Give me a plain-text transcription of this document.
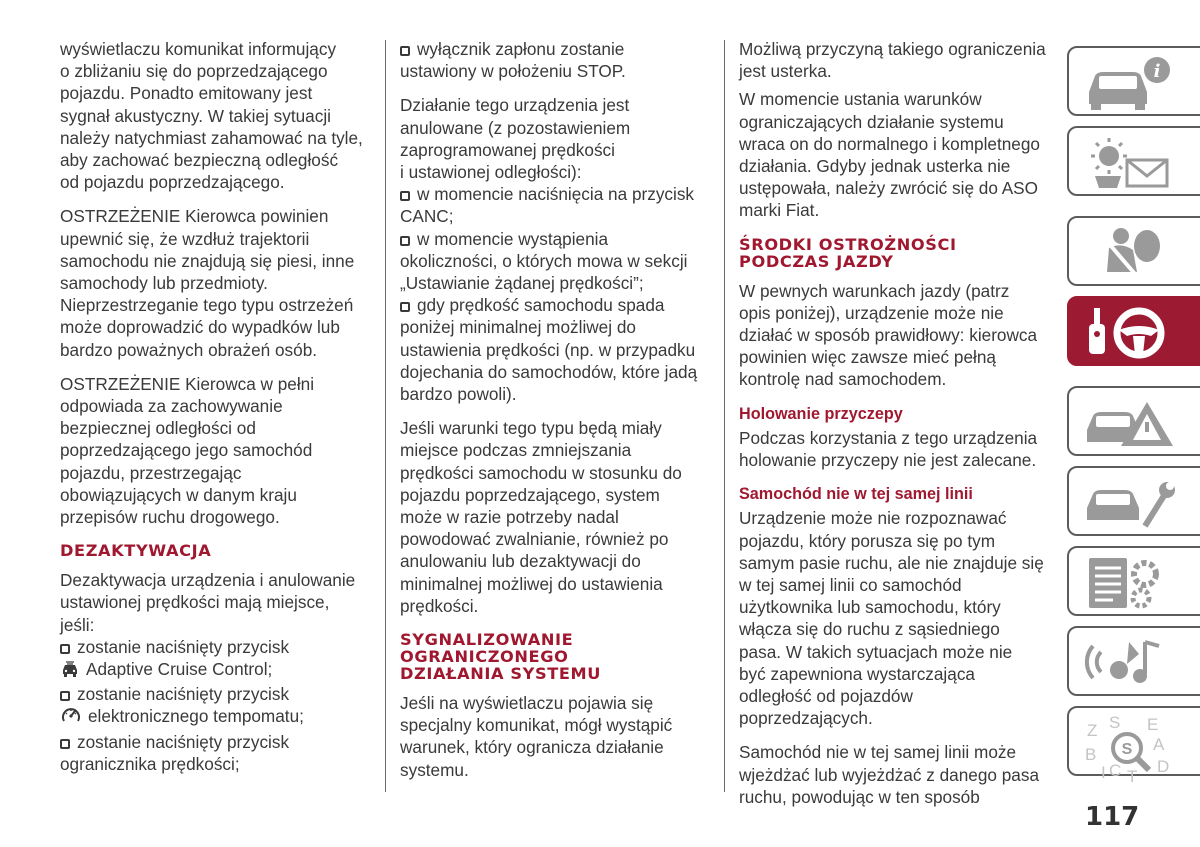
wyświetlaczu komunikat informujący
o zbliżaniu się do poprzedzającego
pojazdu. Ponadto emitowany jest
sygnał akustyczny. W takiej sytuacji
należy natychmiast zahamować na tyle,
aby zachować bezpieczną odległość
od pojazdu poprzedzającego.

OSTRZEŻENIE Kierowca powinien
upewnić się, że wzdłuż trajektorii
samochodu nie znajdują się piesi, inne
samochody lub przedmioty.
Nieprzestrzeganie tego typu ostrzeżeń
może doprowadzić do wypadków lub
bardzo poważnych obrażeń osób.

OSTRZEŻENIE Kierowca w pełni
odpowiada za zachowywanie
bezpiecznej odległości od
poprzedzającego jego samochód
pojazdu, przestrzegając
obowiązujących w danym kraju
przepisów ruchu drogowego.

DEZAKTYWACJA

Dezaktywacja urządzenia i anulowanie
ustawionej prędkości mają miejsce,
jeśli:
zostanie naciśnięty przycisk
Adaptive Cruise Control;
zostanie naciśnięty przycisk
elektronicznego tempomatu;
zostanie naciśnięty przycisk
ogranicznika prędkości;

wyłącznik zapłonu zostanie
ustawiony w położeniu STOP.

Działanie tego urządzenia jest
anulowane (z pozostawieniem
zaprogramowanej prędkości
i ustawionej odległości):
w momencie naciśnięcia na przycisk
CANC;
w momencie wystąpienia
okoliczności, o których mowa w sekcji
„Ustawianie żądanej prędkości”;
gdy prędkość samochodu spada
poniżej minimalnej możliwej do
ustawienia prędkości (np. w przypadku
dojechania do samochodów, które jadą
bardzo powoli).

Jeśli warunki tego typu będą miały
miejsce podczas zmniejszania
prędkości samochodu w stosunku do
pojazdu poprzedzającego, system
może w razie potrzeby nadal
powodować zwalnianie, również po
anulowaniu lub dezaktywacji do
minimalnej możliwej do ustawienia
prędkości.

SYGNALIZOWANIE
OGRANICZONEGO
DZIAŁANIA SYSTEMU

Jeśli na wyświetlaczu pojawia się
specjalny komunikat, mógł wystąpić
warunek, który ogranicza działanie
systemu.

Możliwą przyczyną takiego ograniczenia
jest usterka.

W momencie ustania warunków
ograniczających działanie systemu
wraca on do normalnego i kompletnego
działania. Gdyby jednak usterka nie
ustępowała, należy zwrócić się do ASO
marki Fiat.

ŚRODKI OSTROŻNOŚCI
PODCZAS JAZDY

W pewnych warunkach jazdy (patrz
opis poniżej), urządzenie może nie
działać w sposób prawidłowy: kierowca
powinien więc zawsze mieć pełną
kontrolę nad samochodem.

Holowanie przyczepy

Podczas korzystania z tego urządzenia
holowanie przyczepy nie jest zalecane.

Samochód nie w tej samej linii

Urządzenie może nie rozpoznawać
pojazdu, który porusza się po tym
samym pasie ruchu, ale nie znajduje się
w tej samej linii co samochód
użytkownika lub samochodu, który
włącza się do ruchu z sąsiedniego
pasa. W takich sytuacjach może nie
być zapewniona wystarczająca
odległość od pojazdów
poprzedzających.

Samochód nie w tej samej linii może
wjeżdżać lub wyjeżdżać z danego pasa
ruchu, powodując w ten sposób

i
Z S E
A
B
C T
D
I
S
117
